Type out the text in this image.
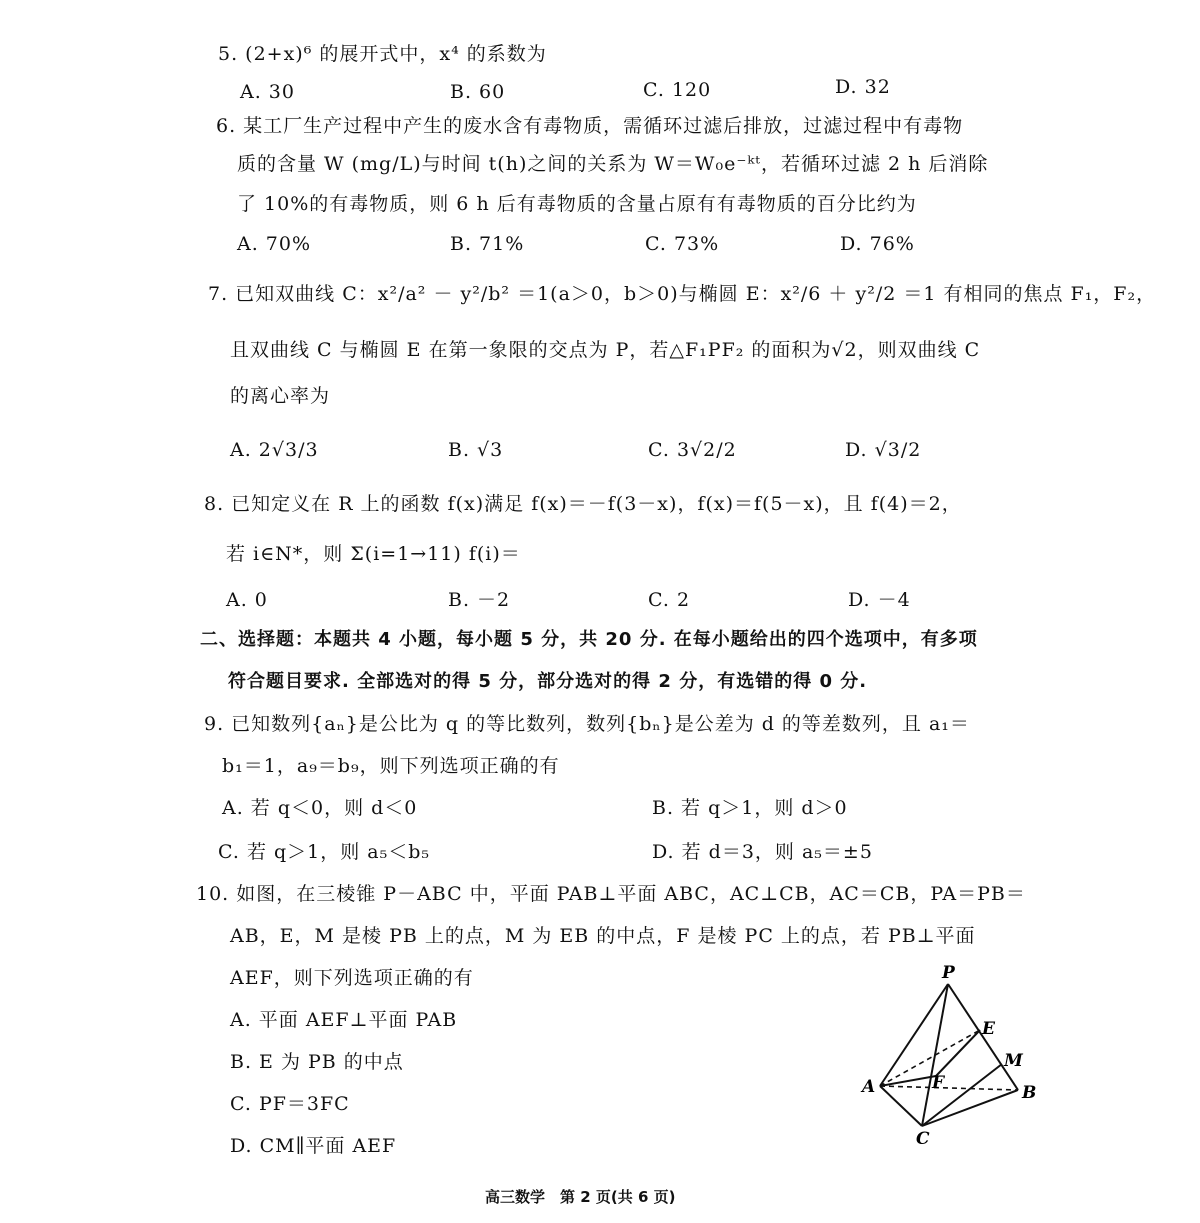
5. (2+x)⁶ 的展开式中，x⁴ 的系数为
A. 30	B. 60	C. 120	D. 32
6. 某工厂生产过程中产生的废水含有毒物质，需循环过滤后排放，过滤过程中有毒物
质的含量 W (mg/L)与时间 t(h)之间的关系为 W＝W₀e⁻ᵏᵗ，若循环过滤 2 h 后消除
了 10%的有毒物质，则 6 h 后有毒物质的含量占原有有毒物质的百分比约为
A. 70%	B. 71%	C. 73%	D. 76%
7. 已知双曲线 C：x²/a² － y²/b² ＝1(a＞0，b＞0)与椭圆 E：x²/6 ＋ y²/2 ＝1 有相同的焦点 F₁，F₂，
且双曲线 C 与椭圆 E 在第一象限的交点为 P，若△F₁PF₂ 的面积为√2，则双曲线 C
的离心率为
A. 2√3/3	B. √3	C. 3√2/2	D. √3/2
8. 已知定义在 R 上的函数 f(x)满足 f(x)＝－f(3－x)，f(x)＝f(5－x)，且 f(4)＝2，
若 i∈N*，则 Σ(i=1→11) f(i)＝
A. 0	B. －2	C. 2	D. －4
二、选择题：本题共 4 小题，每小题 5 分，共 20 分. 在每小题给出的四个选项中，有多项
符合题目要求. 全部选对的得 5 分，部分选对的得 2 分，有选错的得 0 分.
9. 已知数列{aₙ}是公比为 q 的等比数列，数列{bₙ}是公差为 d 的等差数列，且 a₁＝
b₁＝1，a₉＝b₉，则下列选项正确的有
A. 若 q＜0，则 d＜0	B. 若 q＞1，则 d＞0
C. 若 q＞1，则 a₅＜b₅	D. 若 d＝3，则 a₅＝±5
10. 如图，在三棱锥 P－ABC 中，平面 PAB⊥平面 ABC，AC⊥CB，AC＝CB，PA＝PB＝
AB，E，M 是棱 PB 上的点，M 为 EB 的中点，F 是棱 PC 上的点，若 PB⊥平面
AEF，则下列选项正确的有
A. 平面 AEF⊥平面 PAB
B. E 为 PB 的中点
C. PF＝3FC
D. CM∥平面 AEF
P
E
M
A	F	B
C
高三数学　第 2 页(共 6 页)
